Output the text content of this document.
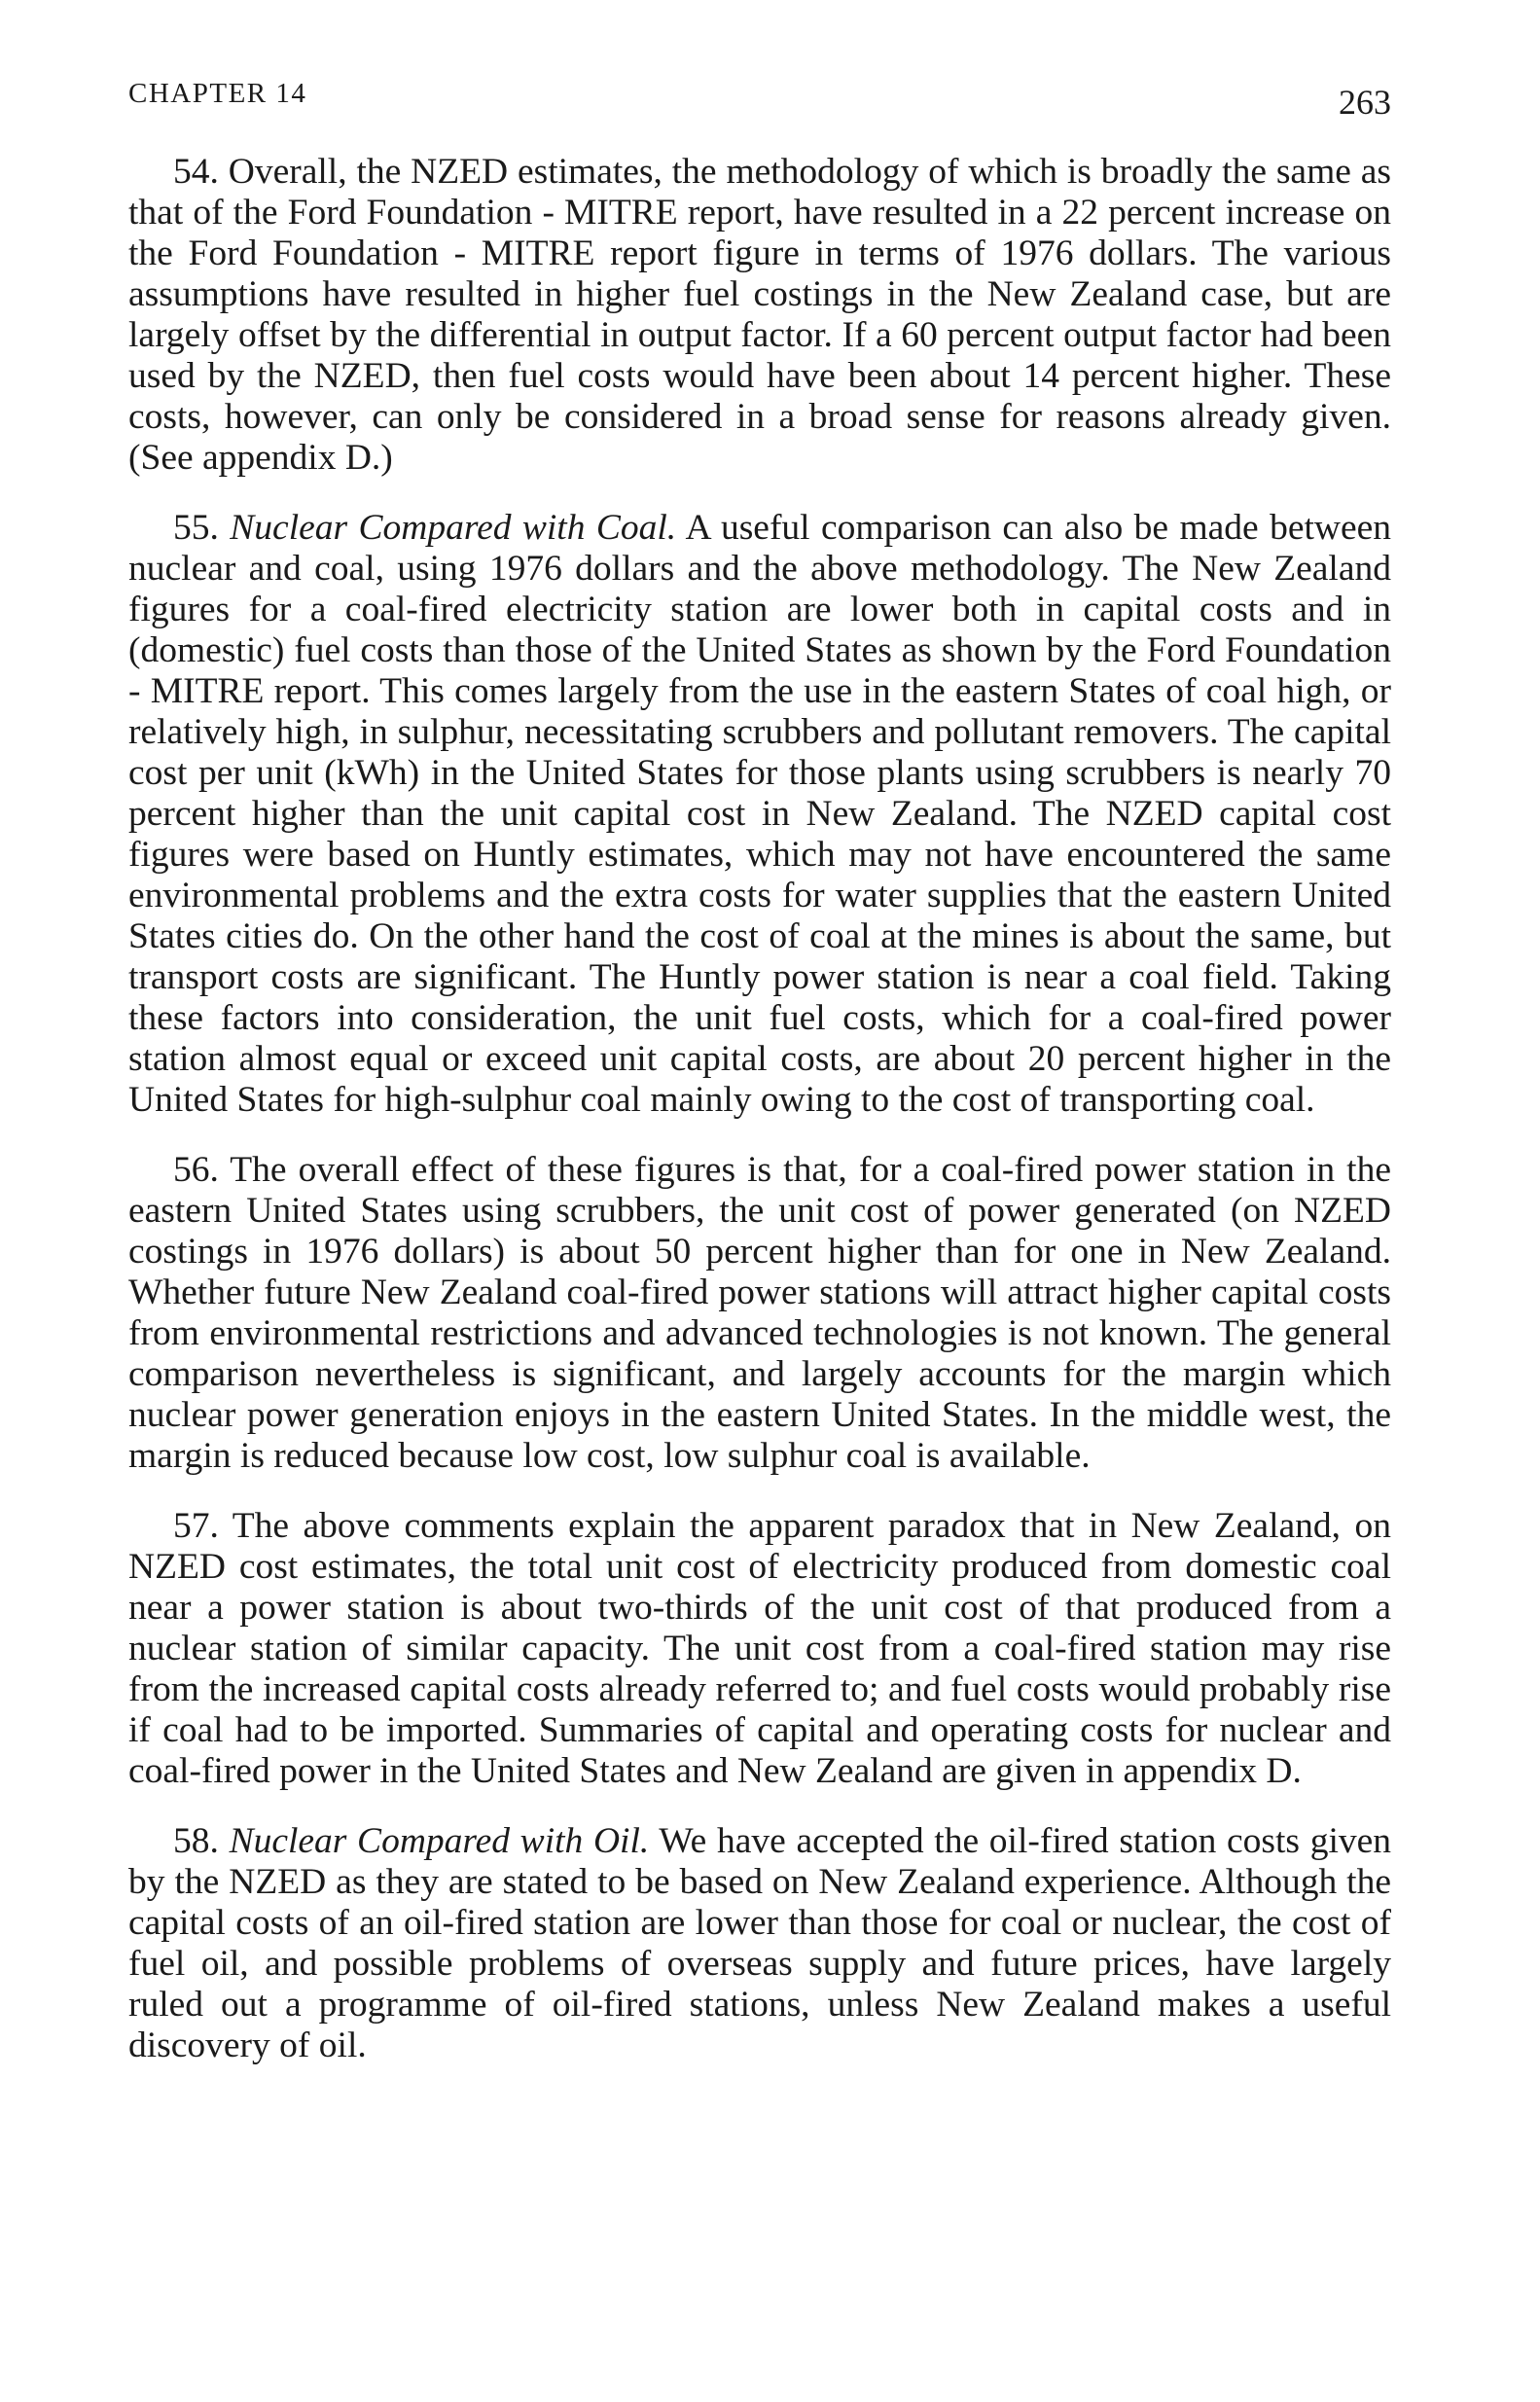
CHAPTER 14	263

54. Overall, the NZED estimates, the methodology of which is broadly the same as that of the Ford Foundation - MITRE report, have resulted in a 22 percent increase on the Ford Foundation - MITRE report figure in terms of 1976 dollars. The various assumptions have resulted in higher fuel costings in the New Zealand case, but are largely offset by the differential in output factor. If a 60 percent output factor had been used by the NZED, then fuel costs would have been about 14 percent higher. These costs, however, can only be considered in a broad sense for reasons already given. (See appendix D.)

55. Nuclear Compared with Coal. A useful comparison can also be made between nuclear and coal, using 1976 dollars and the above methodology. The New Zealand figures for a coal-fired electricity station are lower both in capital costs and in (domestic) fuel costs than those of the United States as shown by the Ford Foundation - MITRE report. This comes largely from the use in the eastern States of coal high, or relatively high, in sulphur, necessitating scrubbers and pollutant removers. The capital cost per unit (kWh) in the United States for those plants using scrubbers is nearly 70 percent higher than the unit capital cost in New Zealand. The NZED capital cost figures were based on Huntly estimates, which may not have encountered the same environmental problems and the extra costs for water supplies that the eastern United States cities do. On the other hand the cost of coal at the mines is about the same, but transport costs are significant. The Huntly power station is near a coal field. Taking these factors into consideration, the unit fuel costs, which for a coal-fired power station almost equal or exceed unit capital costs, are about 20 percent higher in the United States for high-sulphur coal mainly owing to the cost of transporting coal.

56. The overall effect of these figures is that, for a coal-fired power station in the eastern United States using scrubbers, the unit cost of power generated (on NZED costings in 1976 dollars) is about 50 percent higher than for one in New Zealand. Whether future New Zealand coal-fired power stations will attract higher capital costs from environmental restrictions and advanced technologies is not known. The general comparison nevertheless is significant, and largely accounts for the margin which nuclear power generation enjoys in the eastern United States. In the middle west, the margin is reduced because low cost, low sulphur coal is available.

57. The above comments explain the apparent paradox that in New Zealand, on NZED cost estimates, the total unit cost of electricity produced from domestic coal near a power station is about two-thirds of the unit cost of that produced from a nuclear station of similar capacity. The unit cost from a coal-fired station may rise from the increased capital costs already referred to; and fuel costs would probably rise if coal had to be imported. Summaries of capital and operating costs for nuclear and coal-fired power in the United States and New Zealand are given in appendix D.

58. Nuclear Compared with Oil. We have accepted the oil-fired station costs given by the NZED as they are stated to be based on New Zealand experience. Although the capital costs of an oil-fired station are lower than those for coal or nuclear, the cost of fuel oil, and possible problems of overseas supply and future prices, have largely ruled out a programme of oil-fired stations, unless New Zealand makes a useful discovery of oil.
